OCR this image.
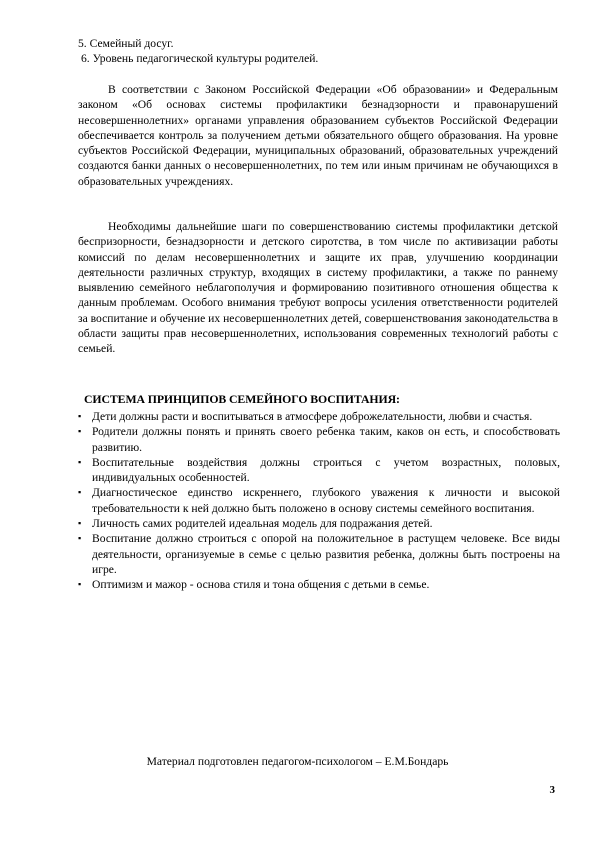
5. Семейный досуг.
6. Уровень педагогической культуры родителей.
В соответствии с Законом Российской Федерации «Об образовании» и Федеральным законом «Об основах системы профилактики безнадзорности и правонарушений несовершеннолетних» органами управления образованием субъектов Российской Федерации обеспечивается контроль за получением детьми обязательного общего образования. На уровне субъектов Российской Федерации, муниципальных образований, образовательных учреждений создаются банки данных о несовершеннолетних, по тем или иным причинам не обучающихся в образовательных учреждениях.
Необходимы дальнейшие шаги по совершенствованию системы профилактики детской беспризорности, безнадзорности и детского сиротства, в том числе по активизации работы комиссий по делам несовершеннолетних и защите их прав, улучшению координации деятельности различных структур, входящих в систему профилактики, а также по раннему выявлению семейного неблагополучия и формированию позитивного отношения общества к данным проблемам. Особого внимания требуют вопросы усиления ответственности родителей за воспитание и обучение их несовершеннолетних детей, совершенствования законодательства в области защиты прав несовершеннолетних, использования современных технологий работы с семьей.
СИСТЕМА ПРИНЦИПОВ СЕМЕЙНОГО ВОСПИТАНИЯ:
▪ Дети должны расти и воспитываться в атмосфере доброжелательности, любви и счастья.
▪ Родители должны понять и принять своего ребенка таким, каков он есть, и способствовать развитию.
▪ Воспитательные воздействия должны строиться с учетом возрастных, половых, индивидуальных особенностей.
▪ Диагностическое единство искреннего, глубокого уважения к личности и высокой требовательности к ней должно быть положено в основу системы семейного воспитания.
▪ Личность самих родителей идеальная модель для подражания детей.
▪ Воспитание должно строиться с опорой на положительное в растущем человеке. Все виды деятельности, организуемые в семье с целью развития ребенка, должны быть построены на игре.
▪ Оптимизм и мажор - основа стиля и тона общения с детьми в семье.
Материал подготовлен педагогом-психологом – Е.М.Бондарь
3
